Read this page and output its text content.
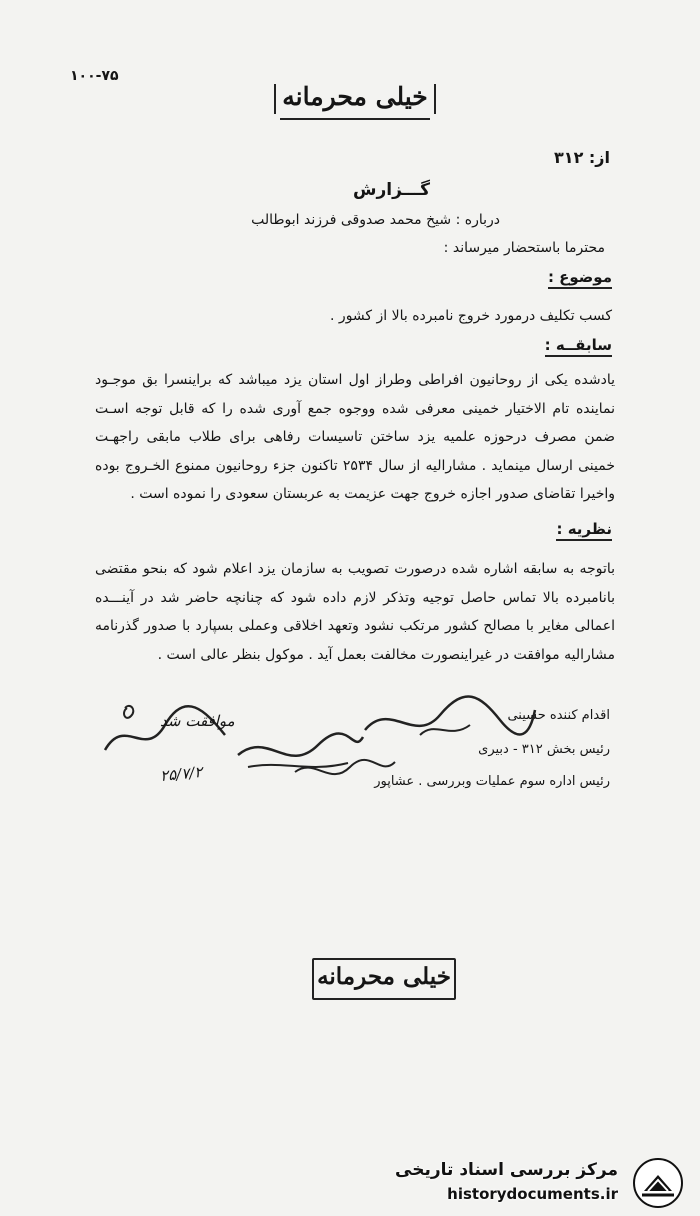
۱۰۰-۷۵
خیلی محرمانه
از: ۳۱۲
گـــزارش
درباره : شیخ محمد صدوقی فرزند ابوطالب
محترما باستحضار میرساند :
موضوع :
کسب تکلیف درمورد خروج نامبرده بالا از کشور .
سابقــه :
یادشده یکی از روحانیون افراطی وطراز اول استان یزد میباشد که براینسرا بق موجـود نماینده تام الاختیار خمینی معرفی شده ووجوه جمع آوری شده را که قابل توجه اسـت ضمن مصرف درحوزه علمیه یزد ساختن تاسیسات رفاهی برای طلاب مابقی راجهـت خمینی ارسال مینماید . مشارالیه از سال ۲۵۳۴ تاکنون جزء روحانیون ممنوع الخـروج بوده واخیرا تقاضای صدور اجازه خروج جهت عزیمت به عربستان سعودی را نموده است .
نظریه :
باتوجه به سابقه اشاره شده درصورت تصویب به سازمان یزد اعلام شود که بنحو مقتضی بانامبرده بالا تماس حاصل توجیه وتذکر لازم داده شود که چنانچه حاضر شد در آینـــده اعمالی مغایر با مصالح کشور مرتکب نشود وتعهد اخلاقی وعملی بسپارد با صدور گذرنامه مشارالیه موافقت در غیراینصورت مخالفت بعمل آید . موکول بنظر عالی است .
اقدام کننده حسینی
رئیس بخش ۳۱۲ - دبیری
رئیس اداره سوم عملیات وبررسی . عشاپور
موافقت شد
۲۵/۷/۲
خیلی محرمانه
مرکز بررسی اسناد تاریخی
historydocuments.ir
